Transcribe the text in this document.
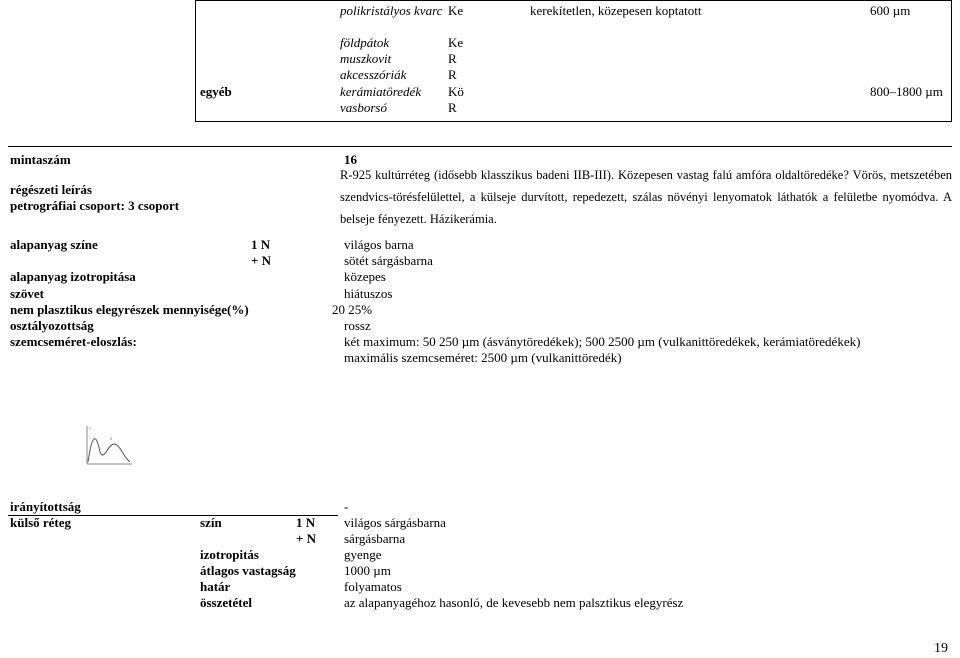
polikristályos kvarc Ke	kerekítetlen, közepesen koptatott	600 µm
földpátok	Ke
muszkovit	R
akcesszóriák	R
egyéb	kerámiatöredék Kö	800–1800 µm
vasborsó	R
mintaszám	16
régészeti leírás
petrográfiai csoport: 3 csoport
R-925 kultúrréteg (idősebb klasszikus badeni IIB-III). Közepesen vastag falú amfóra oldaltöredéke? Vörös, metszetében szendvics-törésfelülettel, a külseje durvított, repedezett, szálas növényi lenyomatok láthatók a felületbe nyomódva. A belseje fényezett. Házikerámia.
alapanyag színe	1 N	világos barna
+ N	sötét sárgásbarna
alapanyag izotropitása	közepes
szövet	hiátuszos
nem plasztikus elegyrészek mennyisége(%)	20 25%
osztályozottság	rossz
szemcseméret-eloszlás:	két maximum: 50 250 µm (ásványtöredékek); 500 2500 µm (vulkanittöredékek, kerámiatöredékek)
maximális szemcseméret: 2500 µm (vulkanittöredék)
1
2
irányítottság	-
külső réteg	szín	1 N világos sárgásbarna
+ N sárgásbarna
izotropitás	gyenge
átlagos vastagság	1000 µm
határ	folyamatos
összetétel	az alapanyagéhoz hasonló, de kevesebb nem palsztikus elegyrész
19
